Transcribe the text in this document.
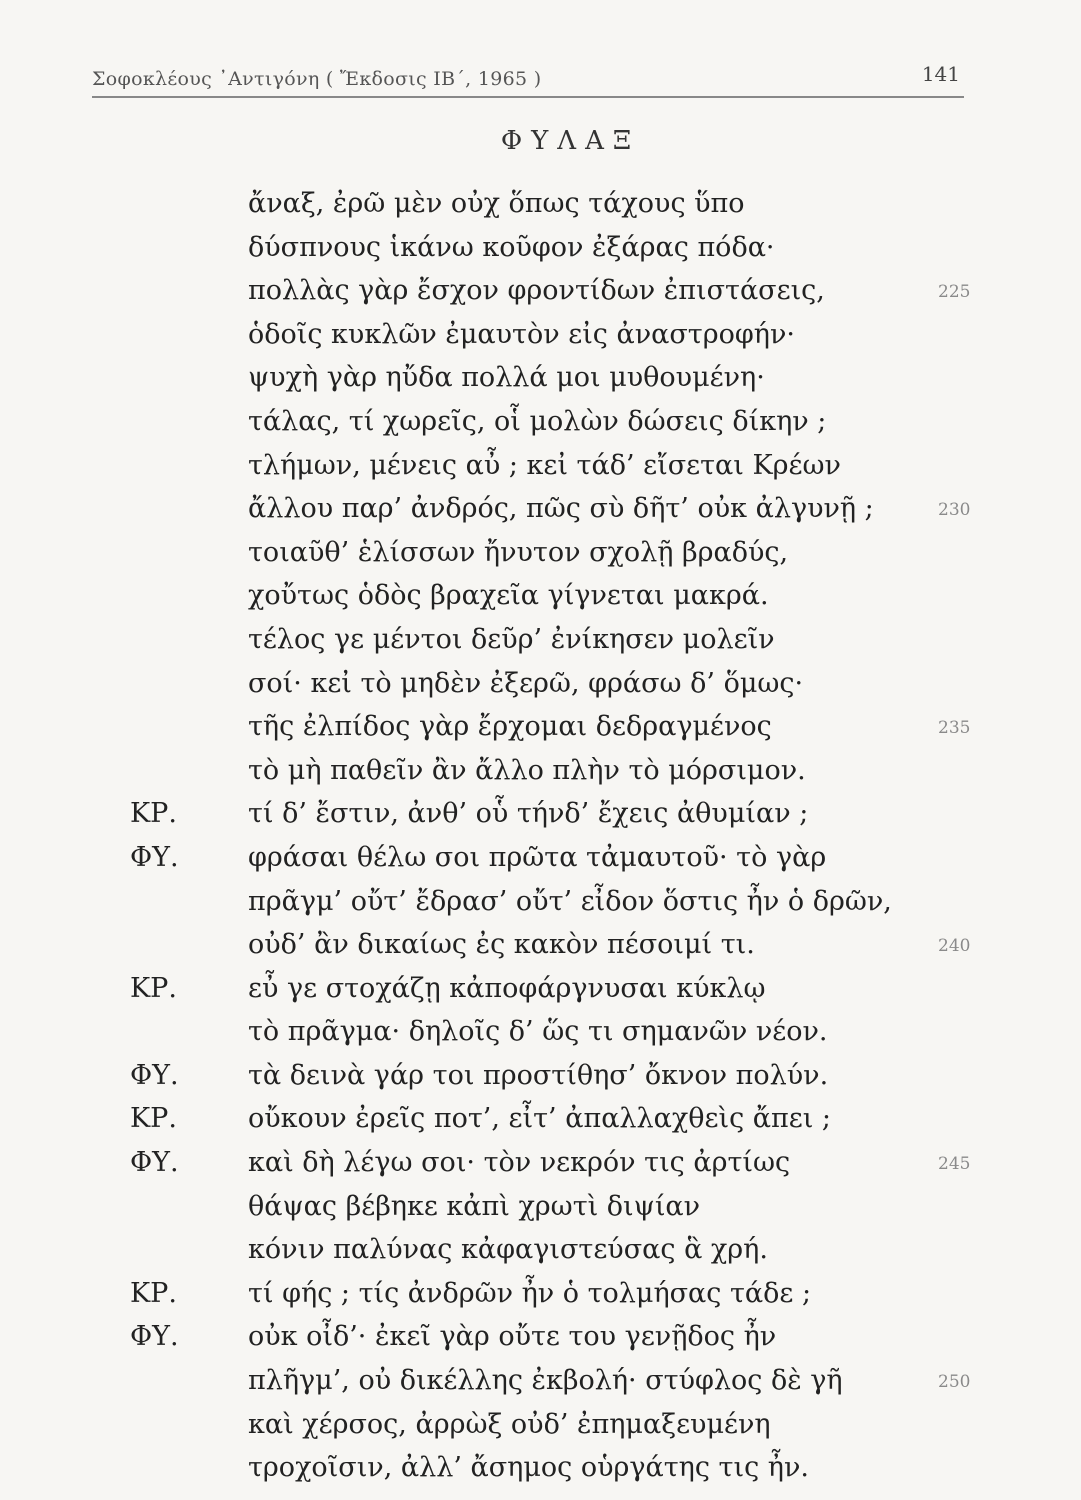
Σοφοκλέους ᾿Αντιγόνη ( Ἔκδοσις ΙΒ΄, 1965 )	141
ΦΥΛΑΞ
ἄναξ, ἐρῶ μὲν οὐχ ὅπως τάχους ὕπο
δύσπνους ἱκάνω κοῦφον ἐξάρας πόδα·
πολλὰς γὰρ ἔσχον φροντίδων ἐπιστάσεις,	225
ὁδοῖς κυκλῶν ἐμαυτὸν εἰς ἀναστροφήν·
ψυχὴ γὰρ ηὔδα πολλά μοι μυθουμένη·
τάλας, τί χωρεῖς, οἷ μολὼν δώσεις δίκην ;
τλήμων, μένεις αὖ ; κεἰ τάδ’ εἴσεται Κρέων
ἄλλου παρ’ ἀνδρός, πῶς σὺ δῆτ’ οὐκ ἀλγυνῇ ;	230
τοιαῦθ’ ἑλίσσων ἤνυτον σχολῇ βραδύς,
χοὔτως ὁδὸς βραχεῖα γίγνεται μακρά.
τέλος γε μέντοι δεῦρ’ ἐνίκησεν μολεῖν
σοί· κεἰ τὸ μηδὲν ἐξερῶ, φράσω δ’ ὅμως·
τῆς ἐλπίδος γὰρ ἔρχομαι δεδραγμένος	235
τὸ μὴ παθεῖν ἂν ἄλλο πλὴν τὸ μόρσιμον.
ΚΡ.	τί δ’ ἔστιν, ἀνθ’ οὗ τήνδ’ ἔχεις ἀθυμίαν ;
ΦΥ.	φράσαι θέλω σοι πρῶτα τἀμαυτοῦ· τὸ γὰρ
πρᾶγμ’ οὔτ’ ἔδρασ’ οὔτ’ εἶδον ὅστις ἦν ὁ δρῶν,
οὐδ’ ἂν δικαίως ἐς κακὸν πέσοιμί τι.	240
ΚΡ.	εὖ γε στοχάζῃ κἀποφάργνυσαι κύκλῳ
τὸ πρᾶγμα· δηλοῖς δ’ ὥς τι σημανῶν νέον.
ΦΥ.	τὰ δεινὰ γάρ τοι προστίθησ’ ὄκνον πολύν.
ΚΡ.	οὔκουν ἐρεῖς ποτ’, εἶτ’ ἀπαλλαχθεὶς ἄπει ;
ΦΥ.	καὶ δὴ λέγω σοι· τὸν νεκρόν τις ἀρτίως	245
θάψας βέβηκε κἀπὶ χρωτὶ διψίαν
κόνιν παλύνας κἀφαγιστεύσας ἃ χρή.
ΚΡ.	τί φής ; τίς ἀνδρῶν ἦν ὁ τολμήσας τάδε ;
ΦΥ.	οὐκ οἶδ’· ἐκεῖ γὰρ οὔτε του γενῇδος ἦν
πλῆγμ’, οὐ δικέλλης ἐκβολή· στύφλος δὲ γῆ	250
καὶ χέρσος, ἀρρὼξ οὐδ’ ἐπημαξευμένη
τροχοῖσιν, ἀλλ’ ἄσημος οὑργάτης τις ἦν.
